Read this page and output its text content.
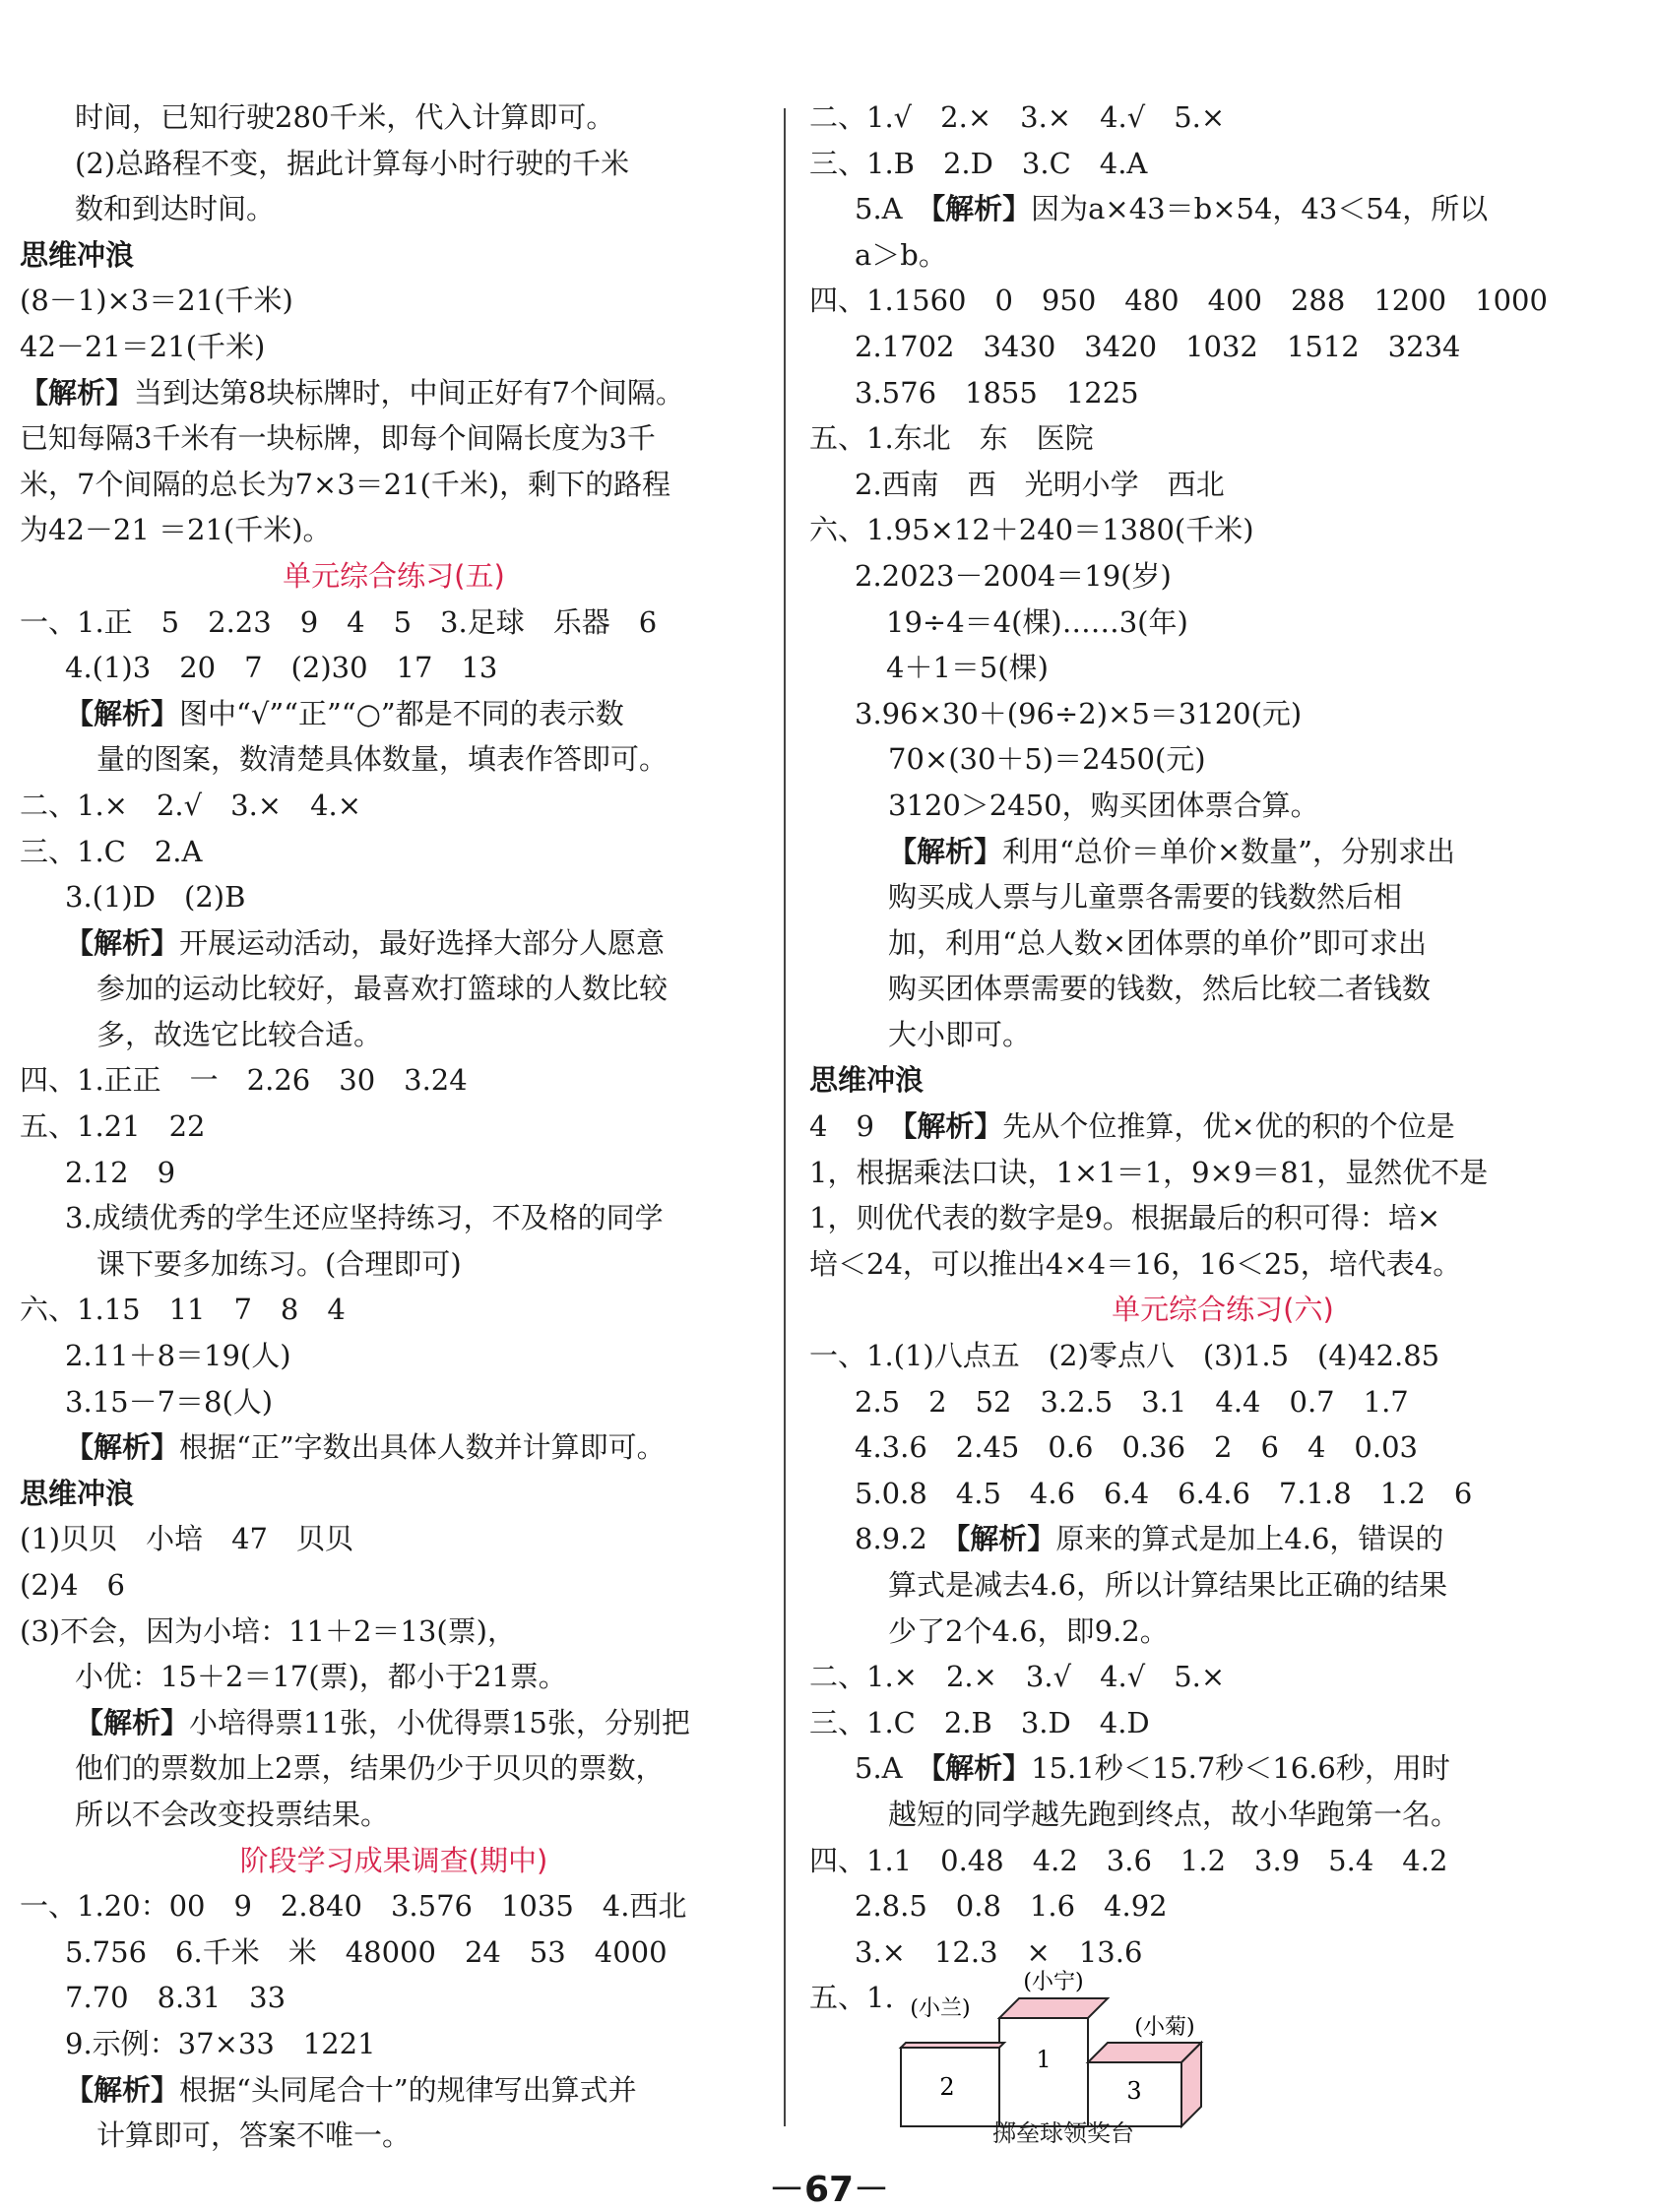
时间，已知行驶280千米，代入计算即可。
(2)总路程不变，据此计算每小时行驶的千米
数和到达时间。
思维冲浪
(8－1)×3＝21(千米)
42－21＝21(千米)
【解析】当到达第8块标牌时，中间正好有7个间隔。
已知每隔3千米有一块标牌，即每个间隔长度为3千
米，7个间隔的总长为7×3＝21(千米)，剩下的路程
为42－21 ＝21(千米)。
单元综合练习(五)
一、1.正　5　2.23　9　4　5　3.足球　乐器　6
4.(1)3　20　7　(2)30　17　13
【解析】图中“√”“正”“○”都是不同的表示数
量的图案，数清楚具体数量，填表作答即可。
二、1.×　2.√　3.×　4.×
三、1.C　2.A
3.(1)D　(2)B
【解析】开展运动活动，最好选择大部分人愿意
参加的运动比较好，最喜欢打篮球的人数比较
多，故选它比较合适。
四、1.正正　一　2.26　30　3.24
五、1.21　22
2.12　9
3.成绩优秀的学生还应坚持练习，不及格的同学
课下要多加练习。(合理即可)
六、1.15　11　7　8　4
2.11＋8＝19(人)
3.15－7＝8(人)
【解析】根据“正”字数出具体人数并计算即可。
思维冲浪
(1)贝贝　小培　47　贝贝
(2)4　6
(3)不会，因为小培：11＋2＝13(票)，
小优：15＋2＝17(票)，都小于21票。
【解析】小培得票11张，小优得票15张，分别把
他们的票数加上2票，结果仍少于贝贝的票数，
所以不会改变投票结果。
阶段学习成果调查(期中)
一、1.20：00　9　2.840　3.576　1035　4.西北
5.756　6.千米　米　48000　24　53　4000
7.70　8.31　33
9.示例：37×33　1221
【解析】根据“头同尾合十”的规律写出算式并
计算即可，答案不唯一。
二、1.√　2.×　3.×　4.√　5.×
三、1.B　2.D　3.C　4.A
5.A　【解析】因为a×43＝b×54，43＜54，所以
a＞b。
四、1.1560　0　950　480　400　288　1200　1000
2.1702　3430　3420　1032　1512　3234
3.576　1855　1225
五、1.东北　东　医院
2.西南　西　光明小学　西北
六、1.95×12＋240＝1380(千米)
2.2023－2004＝19(岁)
19÷4＝4(棵)……3(年)
4＋1＝5(棵)
3.96×30＋(96÷2)×5＝3120(元)
70×(30＋5)＝2450(元)
3120＞2450，购买团体票合算。
【解析】利用“总价＝单价×数量”，分别求出
购买成人票与儿童票各需要的钱数然后相
加，利用“总人数×团体票的单价”即可求出
购买团体票需要的钱数，然后比较二者钱数
大小即可。
思维冲浪
4　9　【解析】先从个位推算，优×优的积的个位是
1，根据乘法口诀，1×1＝1，9×9＝81，显然优不是
1，则优代表的数字是9。根据最后的积可得：培×
培＜24，可以推出4×4＝16，16＜25，培代表4。
单元综合练习(六)
一、1.(1)八点五　(2)零点八　(3)1.5　(4)42.85
2.5　2　52　3.2.5　3.1　4.4　0.7　1.7
4.3.6　2.45　0.6　0.36　2　6　4　0.03
5.0.8　4.5　4.6　6.4　6.4.6　7.1.8　1.2　6
8.9.2　【解析】原来的算式是加上4.6，错误的
算式是减去4.6，所以计算结果比正确的结果
少了2个4.6，即9.2。
二、1.×　2.×　3.√　4.√　5.×
三、1.C　2.B　3.D　4.D
5.A　【解析】15.1秒＜15.7秒＜16.6秒，用时
越短的同学越先跑到终点，故小华跑第一名。
四、1.1　0.48　4.2　3.6　1.2　3.9　5.4　4.2
2.8.5　0.8　1.6　4.92
3.×　12.3　×　13.6
五、1.
2
1
3
(小兰)
(小宁)
(小菊)
掷垒球领奖台
－67－
